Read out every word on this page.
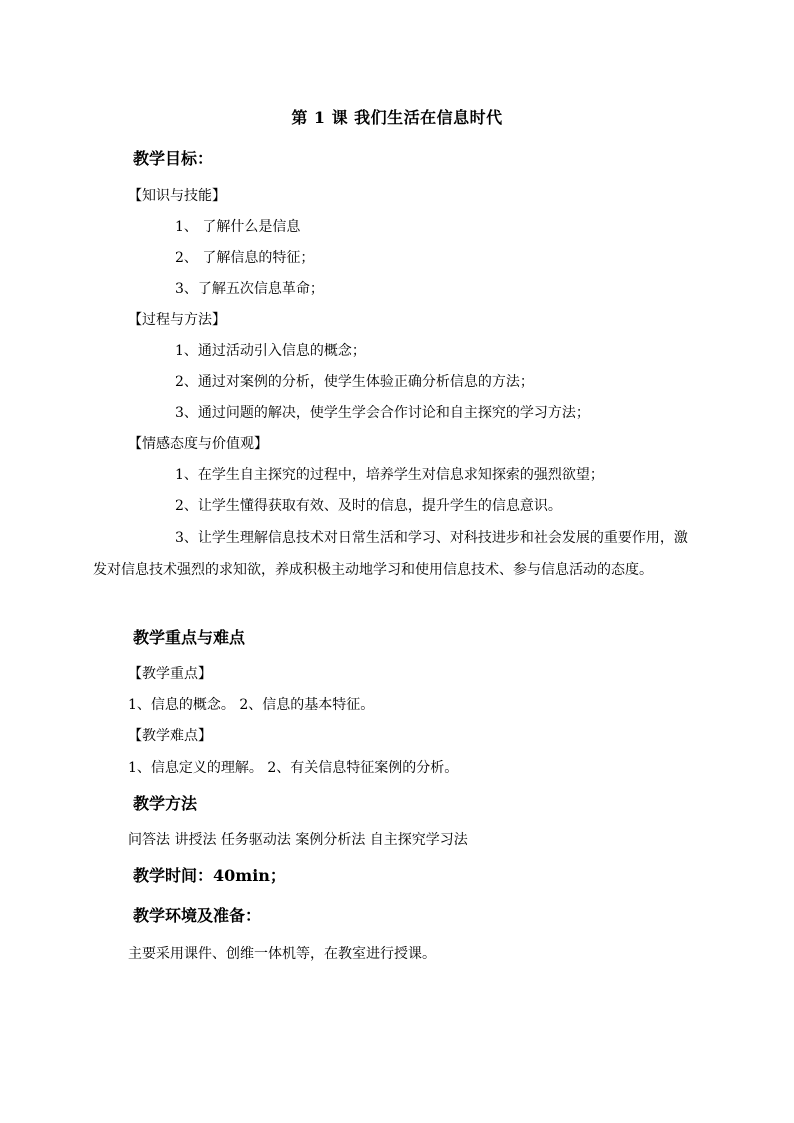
第 1 课 我们生活在信息时代
教学目标：
【知识与技能】
1、 了解什么是信息
2、 了解信息的特征；
3、了解五次信息革命；
【过程与方法】
1、通过活动引入信息的概念；
2、通过对案例的分析，使学生体验正确分析信息的方法；
3、通过问题的解决，使学生学会合作讨论和自主探究的学习方法；
【情感态度与价值观】
1、在学生自主探究的过程中，培养学生对信息求知探索的强烈欲望；
2、让学生懂得获取有效、及时的信息，提升学生的信息意识。
3、让学生理解信息技术对日常生活和学习、对科技进步和社会发展的重要作用，激发对信息技术强烈的求知欲，养成积极主动地学习和使用信息技术、参与信息活动的态度。
教学重点与难点
【教学重点】
1、信息的概念。 2、信息的基本特征。
【教学难点】
1、信息定义的理解。 2、有关信息特征案例的分析。
教学方法
问答法 讲授法 任务驱动法 案例分析法 自主探究学习法
教学时间：40min；
教学环境及准备：
主要采用课件、创维一体机等，在教室进行授课。
